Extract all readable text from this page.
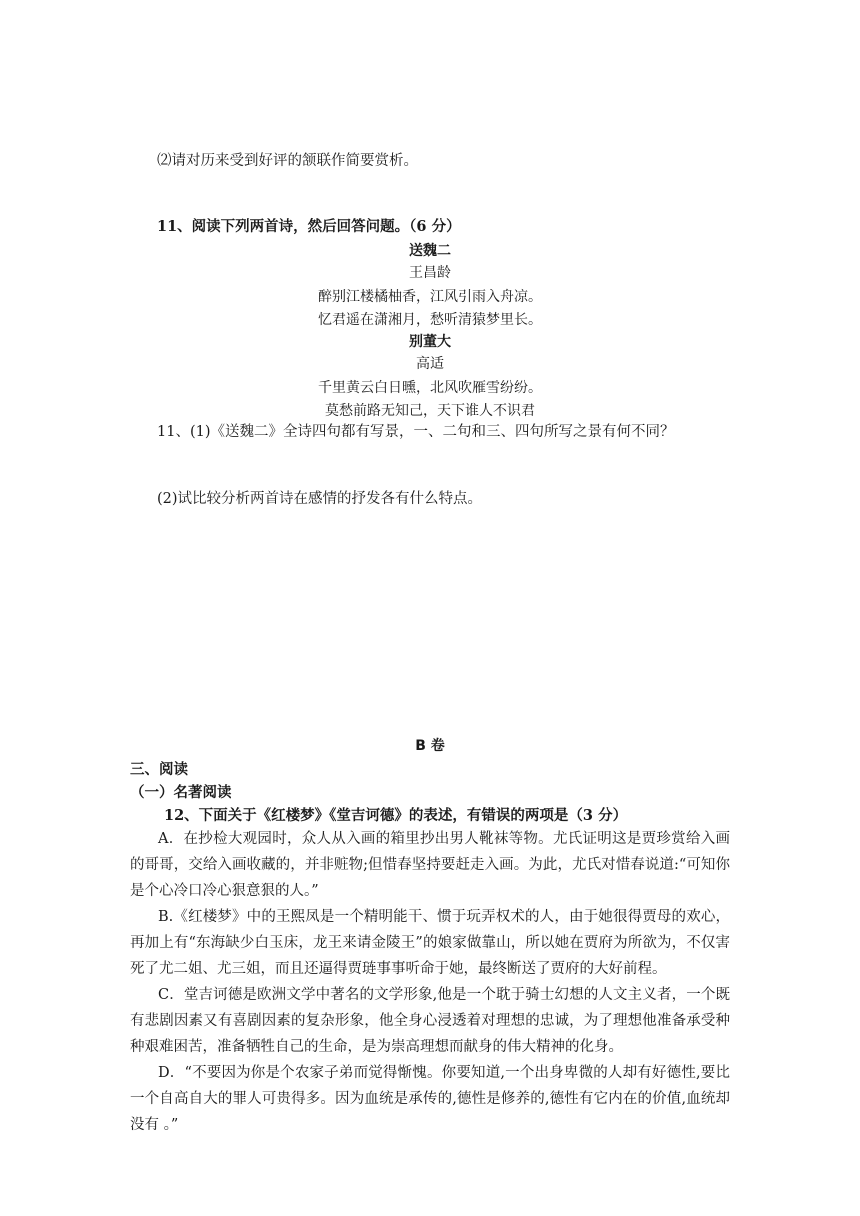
⑵请对历来受到好评的颔联作简要赏析。
11、阅读下列两首诗，然后回答问题。（6 分）
送魏二
王昌龄
醉别江楼橘柚香，江风引雨入舟凉。
忆君遥在潇湘月，愁听清猿梦里长。
别董大
高适
千里黄云白日曛，北风吹雁雪纷纷。
莫愁前路无知己，天下谁人不识君
11、(1)《送魏二》全诗四句都有写景，一、二句和三、四句所写之景有何不同？
(2)试比较分析两首诗在感情的抒发各有什么特点。
B 卷
三、阅读
（一）名著阅读
12、下面关于《红楼梦》《堂吉诃德》的表述，有错误的两项是（3 分）
A．在抄检大观园时，众人从入画的箱里抄出男人靴袜等物。尤氏证明这是贾珍赏给入画的哥哥，交给入画收藏的，并非赃物;但惜春坚持要赶走入画。为此，尤氏对惜春说道:“可知你是个心冷口冷心狠意狠的人。”
B.《红楼梦》中的王熙凤是一个精明能干、惯于玩弄权术的人，由于她很得贾母的欢心，再加上有“东海缺少白玉床，龙王来请金陵王”的娘家做靠山，所以她在贾府为所欲为，不仅害死了尤二姐、尤三姐，而且还逼得贾琏事事听命于她，最终断送了贾府的大好前程。
C．堂吉诃德是欧洲文学中著名的文学形象,他是一个耽于骑士幻想的人文主义者，一个既有悲剧因素又有喜剧因素的复杂形象，他全身心浸透着对理想的忠诚，为了理想他准备承受种种艰难困苦，准备牺牲自己的生命，是为崇高理想而献身的伟大精神的化身。
D．“不要因为你是个农家子弟而觉得惭愧。你要知道,一个出身卑微的人却有好德性,要比一个自高自大的罪人可贵得多。因为血统是承传的,德性是修养的,德性有它内在的价值,血统却没有 。”
